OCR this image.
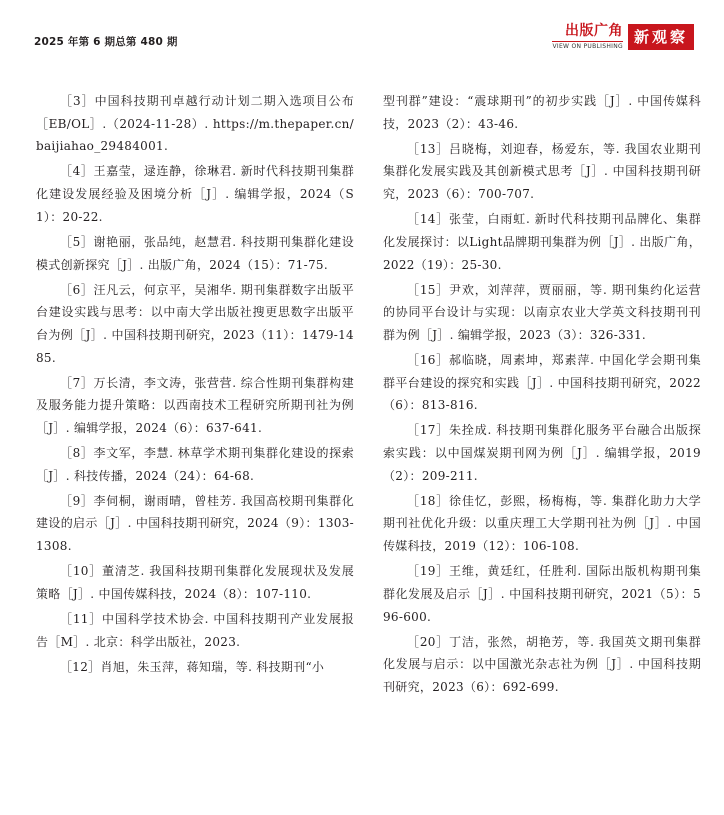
2025 年第 6 期总第 480 期
出版广角
VIEW ON PUBLISHING
新观察

［3］中国科技期刊卓越行动计划二期入选项目公布［EB/OL］.（2024-11-28）. https://m.thepaper.cn/baijiahao_29484001.

［4］王嘉莹，逯连静，徐琳君. 新时代科技期刊集群化建设发展经验及困境分析［J］. 编辑学报，2024（S1）：20-22.

［5］谢艳丽，张品纯，赵慧君. 科技期刊集群化建设模式创新探究［J］. 出版广角，2024（15）：71-75.

［6］汪凡云，何京平，吴湘华. 期刊集群数字出版平台建设实践与思考：以中南大学出版社搜更思数字出版平台为例［J］. 中国科技期刊研究，2023（11）：1479-1485.

［7］万长清，李文涛，张营营. 综合性期刊集群构建及服务能力提升策略：以西南技术工程研究所期刊社为例［J］. 编辑学报，2024（6）：637-641.

［8］李文军，李慧. 林草学术期刊集群化建设的探索［J］. 科技传播，2024（24）：64-68.

［9］李伺桐，谢雨晴，曾桂芳. 我国高校期刊集群化建设的启示［J］. 中国科技期刊研究，2024（9）：1303-1308.

［10］董清芝. 我国科技期刊集群化发展现状及发展策略［J］. 中国传媒科技，2024（8）：107-110.

［11］中国科学技术协会. 中国科技期刊产业发展报告［M］. 北京：科学出版社，2023.

［12］肖旭，朱玉萍，蒋知瑞，等. 科技期刊“小

型刊群”建设：“震球期刊”的初步实践［J］. 中国传媒科技，2023（2）：43-46.

［13］吕晓梅，刘迎春，杨爱东，等. 我国农业期刊集群化发展实践及其创新模式思考［J］. 中国科技期刊研究，2023（6）：700-707.

［14］张莹，白雨虹. 新时代科技期刊品牌化、集群化发展探讨：以Light品牌期刊集群为例［J］. 出版广角，2022（19）：25-30.

［15］尹欢，刘萍萍，贾丽丽，等. 期刊集约化运营的协同平台设计与实现：以南京农业大学英文科技期刊刊群为例［J］. 编辑学报，2023（3）：326-331.

［16］郝临晓，周素坤，郑素萍. 中国化学会期刊集群平台建设的探究和实践［J］. 中国科技期刊研究，2022（6）：813-816.

［17］朱拴成. 科技期刊集群化服务平台融合出版探索实践：以中国煤炭期刊网为例［J］. 编辑学报，2019（2）：209-211.

［18］徐佳忆，彭熙，杨梅梅，等. 集群化助力大学期刊社优化升级：以重庆理工大学期刊社为例［J］. 中国传媒科技，2019（12）：106-108.

［19］王维，黄廷红，任胜利. 国际出版机构期刊集群化发展及启示［J］. 中国科技期刊研究，2021（5）：596-600.

［20］丁洁，张然，胡艳芳，等. 我国英文期刊集群化发展与启示：以中国激光杂志社为例［J］. 中国科技期刊研究，2023（6）：692-699.
